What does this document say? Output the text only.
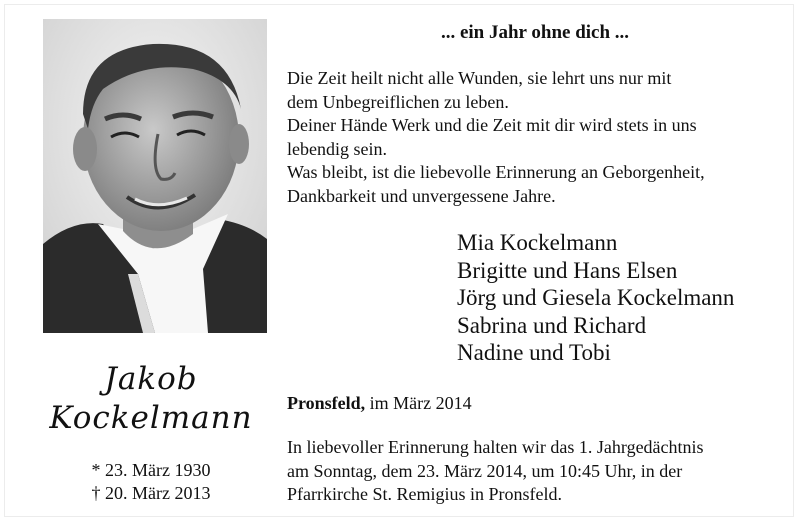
Jakob
Kockelmann
* 23. März 1930
† 20. März 2013
... ein Jahr ohne dich ...
Die Zeit heilt nicht alle Wunden, sie lehrt uns nur mit
dem Unbegreiflichen zu leben.
Deiner Hände Werk und die Zeit mit dir wird stets in uns
lebendig sein.
Was bleibt, ist die liebevolle Erinnerung an Geborgenheit,
Dankbarkeit und unvergessene Jahre.
Mia Kockelmann
Brigitte und Hans Elsen
Jörg und Giesela Kockelmann
Sabrina und Richard
Nadine und Tobi
Pronsfeld, im März 2014
In liebevoller Erinnerung halten wir das 1. Jahrgedächtnis
am Sonntag, dem 23. März 2014, um 10:45 Uhr, in der
Pfarrkirche St. Remigius in Pronsfeld.
